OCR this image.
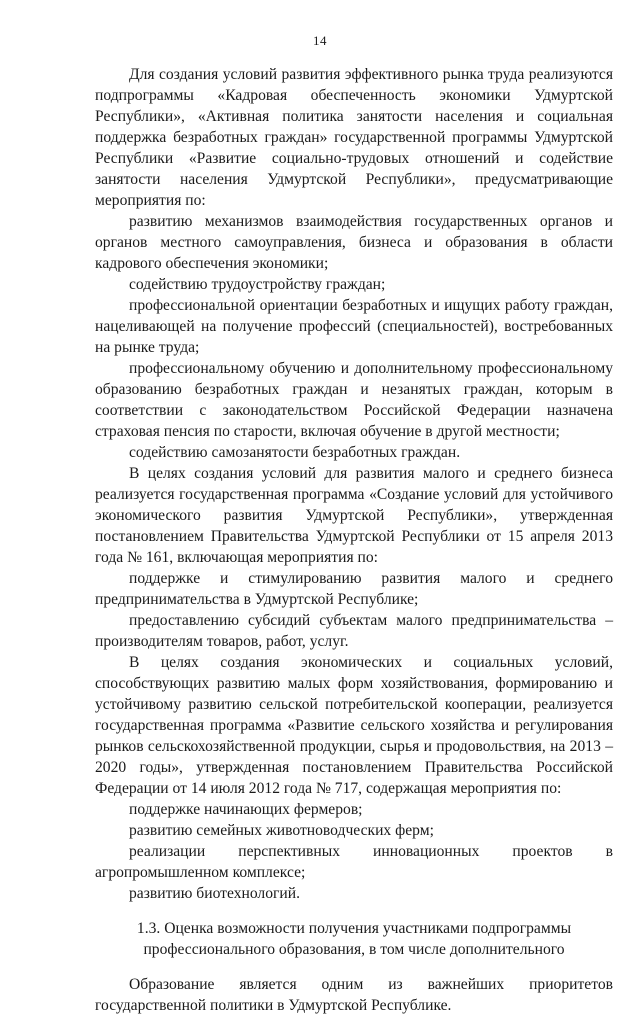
14

Для создания условий развития эффективного рынка труда реализуются подпрограммы «Кадровая обеспеченность экономики Удмуртской Республики», «Активная политика занятости населения и социальная поддержка безработных граждан» государственной программы Удмуртской Республики «Развитие социально-трудовых отношений и содействие занятости населения Удмуртской Республики», предусматривающие мероприятия по:

развитию механизмов взаимодействия государственных органов и органов местного самоуправления, бизнеса и образования в области кадрового обеспечения экономики;

содействию трудоустройству граждан;

профессиональной ориентации безработных и ищущих работу граждан, нацеливающей на получение профессий (специальностей), востребованных на рынке труда;

профессиональному обучению и дополнительному профессиональному образованию безработных граждан и незанятых граждан, которым в соответствии с законодательством Российской Федерации назначена страховая пенсия по старости, включая обучение в другой местности;

содействию самозанятости безработных граждан.

В целях создания условий для развития малого и среднего бизнеса реализуется государственная программа «Создание условий для устойчивого экономического развития Удмуртской Республики», утвержденная постановлением Правительства Удмуртской Республики от 15 апреля 2013 года № 161, включающая мероприятия по:

поддержке и стимулированию развития малого и среднего предпринимательства в Удмуртской Республике;

предоставлению субсидий субъектам малого предпринимательства – производителям товаров, работ, услуг.

В целях создания экономических и социальных условий, способствующих развитию малых форм хозяйствования, формированию и устойчивому развитию сельской потребительской кооперации, реализуется государственная программа «Развитие сельского хозяйства и регулирования рынков сельскохозяйственной продукции, сырья и продовольствия, на 2013 – 2020 годы», утвержденная постановлением Правительства Российской Федерации от 14 июля 2012 года № 717, содержащая мероприятия по:

поддержке начинающих фермеров;

развитию семейных животноводческих ферм;

реализации перспективных инновационных проектов в агропромышленном комплексе;

развитию биотехнологий.

1.3. Оценка возможности получения участниками подпрограммы
профессионального образования, в том числе дополнительного

Образование является одним из важнейших приоритетов государственной политики в Удмуртской Республике.
